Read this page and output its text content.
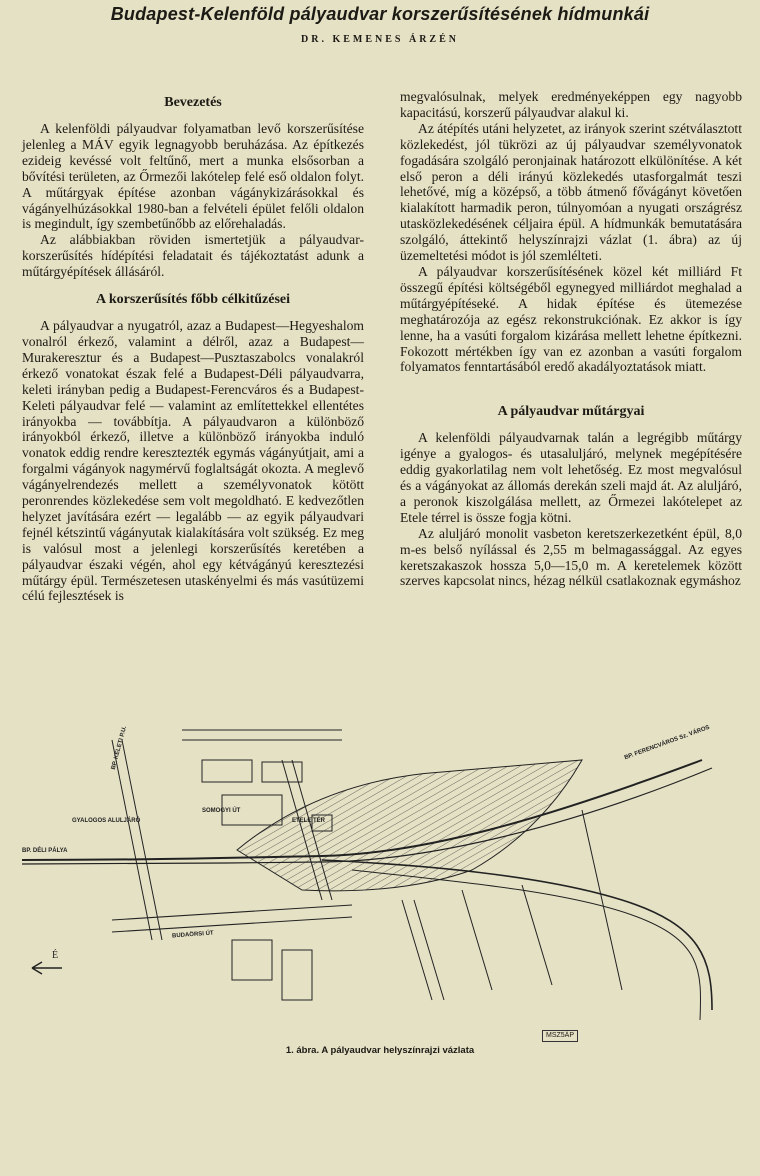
Budapest-Kelenföld pályaudvar korszerűsítésének hídmunkái

DR. KEMENES ÁRZÉN

Bevezetés

A kelenföldi pályaudvar folyamatban levő korszerűsítése jelenleg a MÁV egyik legnagyobb beruházása. Az építkezés ezideig kevéssé volt feltűnő, mert a munka elsősorban a bővítési területen, az Őrmezői lakótelep felé eső oldalon folyt. A műtárgyak építése azonban vágánykizárásokkal és vágányelhúzásokkal 1980-ban a felvételi épület felőli oldalon is megindult, így szembetűnőbb az előrehaladás.

Az alábbiakban röviden ismertetjük a pályaudvar-korszerűsítés hídépítési feladatait és tájékoztatást adunk a műtárgyépítések állásáról.

A korszerűsítés főbb célkitűzései

A pályaudvar a nyugatról, azaz a Budapest—Hegyeshalom vonalról érkező, valamint a délről, azaz a Budapest—Murakeresztur és a Budapest—Pusztaszabolcs vonalakról érkező vonatokat észak felé a Budapest-Déli pályaudvarra, keleti irányban pedig a Budapest-Ferencváros és a Budapest-Keleti pályaudvar felé — valamint az említettekkel ellentétes irányokba — továbbítja. A pályaudvaron a különböző irányokból érkező, illetve a különböző irányokba induló vonatok eddig rendre keresztezték egymás vágányútjait, ami a forgalmi vágányok nagymérvű foglaltságát okozta. A meglevő vágányelrendezés mellett a személyvonatok kötött peronrendes közlekedése sem volt megoldható. E kedvezőtlen helyzet javítására ezért — legalább — az egyik pályaudvari fejnél kétszintű vágányutak kialakítására volt szükség. Ez meg is valósul most a jelenlegi korszerűsítés keretében a pályaudvar északi végén, ahol egy kétvágányú keresztezési műtárgy épül. Természetesen utaskényelmi és más vasútüzemi célú fejlesztések is

megvalósulnak, melyek eredményeképpen egy nagyobb kapacitású, korszerű pályaudvar alakul ki.

Az átépítés utáni helyzetet, az irányok szerint szétválasztott közlekedést, jól tükrözi az új pályaudvar személyvonatok fogadására szolgáló peronjainak határozott elkülönítése. A két első peron a déli irányú közlekedés utasforgalmát teszi lehetővé, míg a középső, a több átmenő fővágányt követően kialakított harmadik peron, túlnyomóan a nyugati országrész utasközlekedésének céljaira épül. A hídmunkák bemutatására szolgáló, áttekintő helyszínrajzi vázlat (1. ábra) az új üzemeltetési módot is jól szemlélteti.

A pályaudvar korszerűsítésének közel két milliárd Ft összegű építési költségéből egynegyed milliárdot meghalad a műtárgyépítéseké. A hidak építése és ütemezése meghatározója az egész rekonstrukciónak. Ez akkor is így lenne, ha a vasúti forgalom kizárása mellett lehetne építkezni. Fokozott mértékben így van ez azonban a vasúti forgalom folyamatos fenntartásából eredő akadályoztatások miatt.

A pályaudvar műtárgyai

A kelenföldi pályaudvarnak talán a legrégibb műtárgy igénye a gyalogos- és utasaluljáró, melynek megépítésére eddig gyakorlatilag nem volt lehetőség. Ez most megvalósul és a vágányokat az állomás derekán szeli majd át. Az aluljáró, a peronok kiszolgálása mellett, az Őrmezei lakótelepet az Etele térrel is össze fogja kötni.

Az aluljáró monolit vasbeton keretszerkezetként épül, 8,0 m-es belső nyílással és 2,55 m belmagassággal. Az egyes keretszakaszok hossza 5,0—15,0 m. A keretelemek között szerves kapcsolat nincs, hézag nélkül csatlakoznak egymáshoz

É
ETELE TÉR
SOMOGYI ÚT
BP. DÉLI PÁLYA
GYALOGOS ALULJÁRÓ
BP. FERENCVÁROS Sz. VÁROS
BUDAÖRSI ÚT
BP. KELETI P.U.
MSZ5ÁP

1. ábra. A pályaudvar helyszínrajzi vázlata
